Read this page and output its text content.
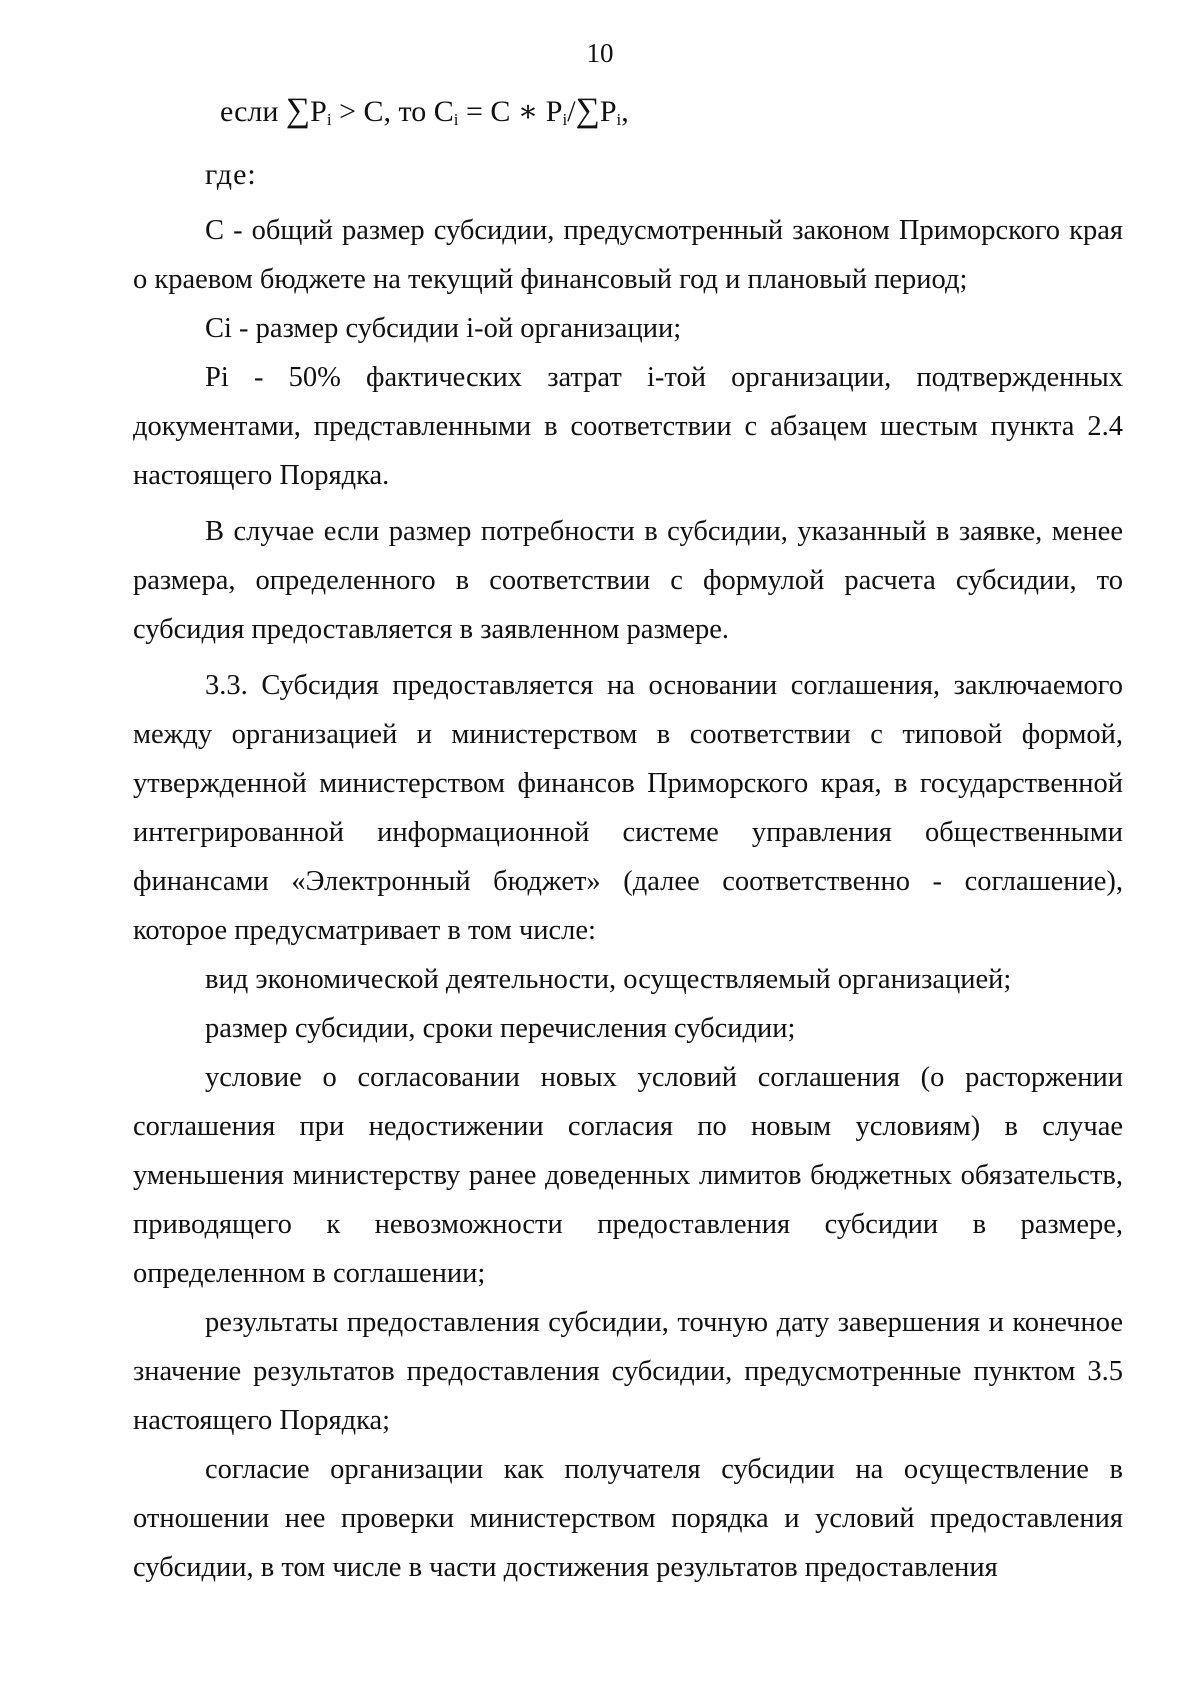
10
если $\sum P_i > C$, то $C_i = C$ ∗ $P_i/\sum P_i$,
где:

С - общий размер субсидии, предусмотренный законом Приморского края о краевом бюджете на текущий финансовый год и плановый период;

Сi - размер субсидии i-ой организации;

Pi - 50% фактических затрат i-той организации, подтвержденных документами, представленными в соответствии с абзацем шестым пункта 2.4 настоящего Порядка.

В случае если размер потребности в субсидии, указанный в заявке, менее размера, определенного в соответствии с формулой расчета субсидии, то субсидия предоставляется в заявленном размере.

3.3. Субсидия предоставляется на основании соглашения, заключаемого между организацией и министерством в соответствии с типовой формой, утвержденной министерством финансов Приморского края, в государственной интегрированной информационной системе управления общественными финансами «Электронный бюджет» (далее соответственно - соглашение), которое предусматривает в том числе:

вид экономической деятельности, осуществляемый организацией;

размер субсидии, сроки перечисления субсидии;

условие о согласовании новых условий соглашения (о расторжении соглашения при недостижении согласия по новым условиям) в случае уменьшения министерству ранее доведенных лимитов бюджетных обязательств, приводящего к невозможности предоставления субсидии в размере, определенном в соглашении;

результаты предоставления субсидии, точную дату завершения и конечное значение результатов предоставления субсидии, предусмотренные пунктом 3.5 настоящего Порядка;

согласие организации как получателя субсидии на осуществление в отношении нее проверки министерством порядка и условий предоставления субсидии, в том числе в части достижения результатов предоставления
